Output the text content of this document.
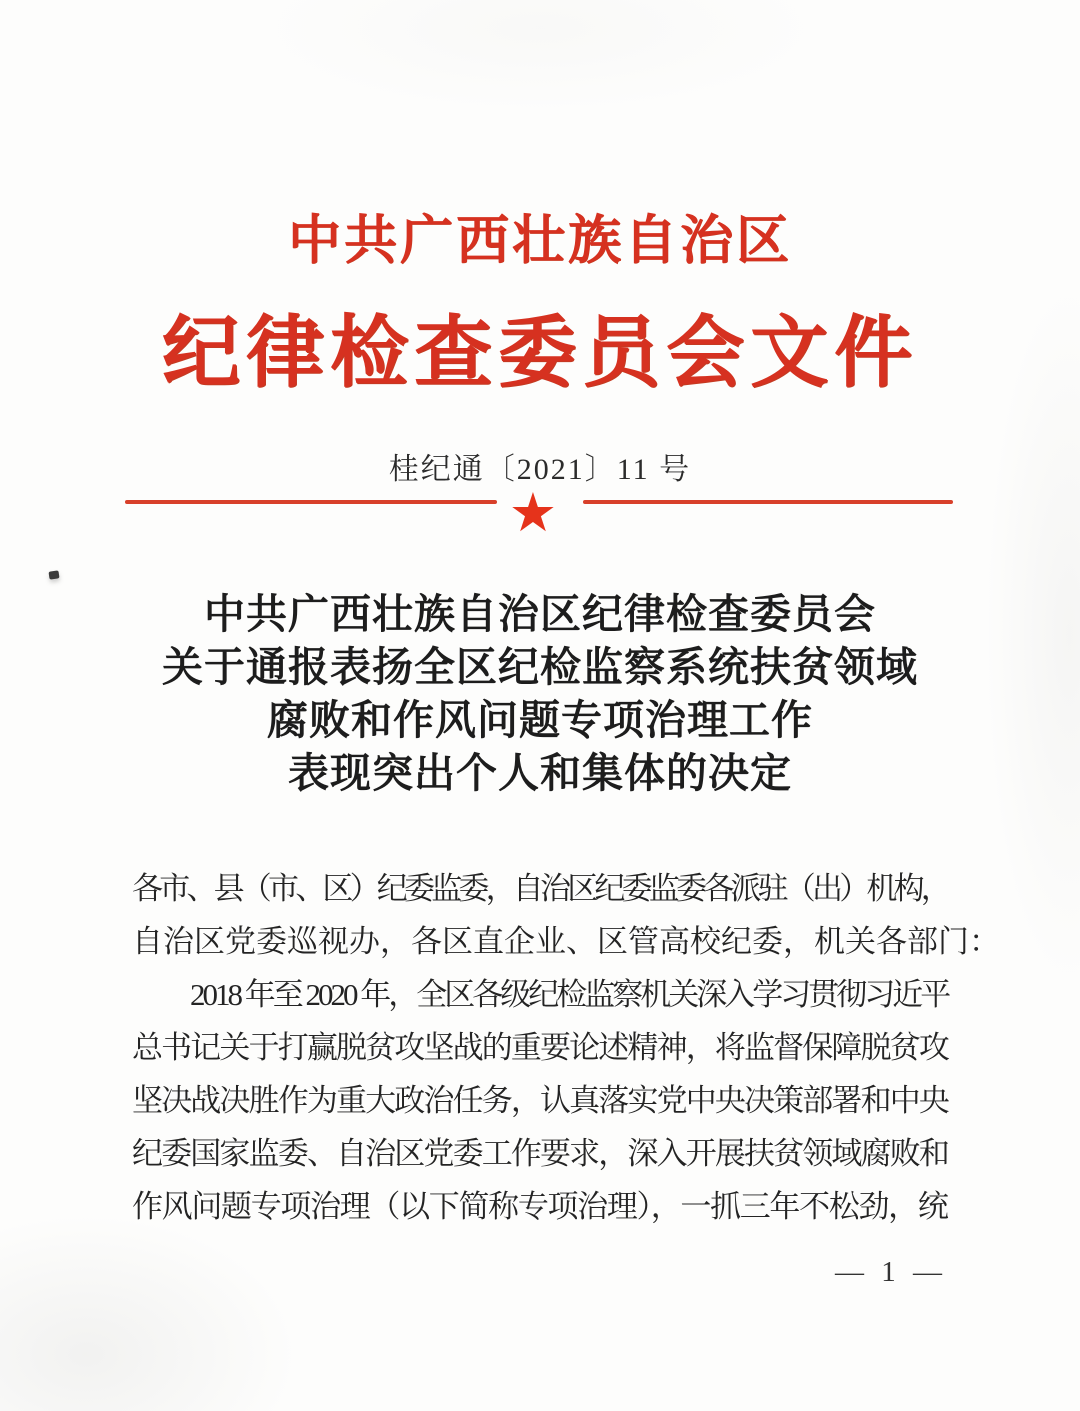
中共广西壮族自治区
纪律检查委员会文件
桂纪通〔2021〕11 号
★
中共广西壮族自治区纪律检查委员会
关于通报表扬全区纪检监察系统扶贫领域
腐败和作风问题专项治理工作
表现突出个人和集体的决定
各市、县（市、区）纪委监委，自治区纪委监委各派驻（出）机构，
自治区党委巡视办，各区直企业、区管高校纪委，机关各部门：
2018 年至 2020 年，全区各级纪检监察机关深入学习贯彻习近平
总书记关于打赢脱贫攻坚战的重要论述精神，将监督保障脱贫攻
坚决战决胜作为重大政治任务，认真落实党中央决策部署和中央
纪委国家监委、自治区党委工作要求，深入开展扶贫领域腐败和
作风问题专项治理（以下简称专项治理），一抓三年不松劲，统
— 1 —
